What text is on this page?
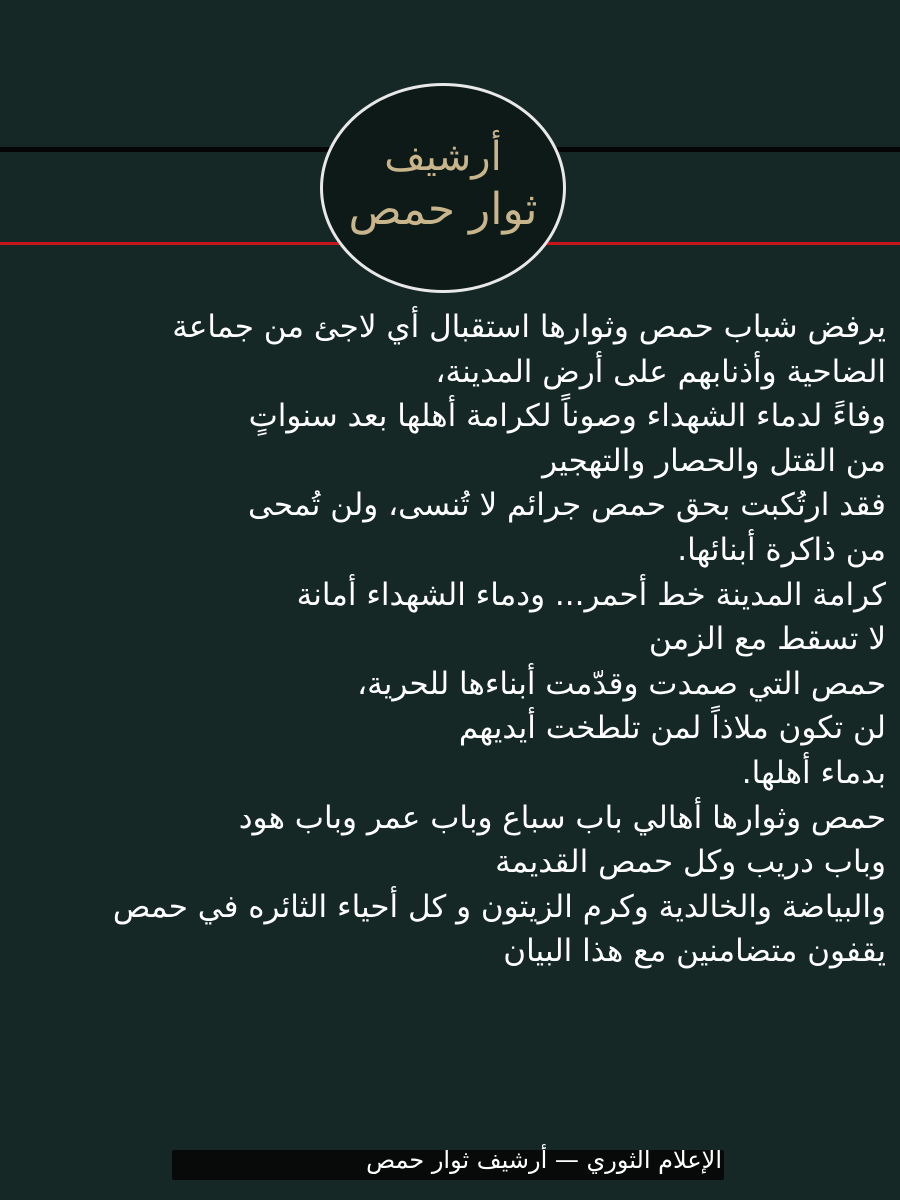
أرشيف
ثوار حمص
يرفض شباب حمص وثوارها استقبال أي لاجئ من جماعة
الضاحية وأذنابهم على أرض المدينة،
وفاءً لدماء الشهداء وصوناً لكرامة أهلها بعد سنواتٍ
من القتل والحصار والتهجير
فقد ارتُكبت بحق حمص جرائم لا تُنسى، ولن تُمحى
من ذاكرة أبنائها.
كرامة المدينة خط أحمر... ودماء الشهداء أمانة
لا تسقط مع الزمن
حمص التي صمدت وقدّمت أبناءها للحرية،
لن تكون ملاذاً لمن تلطخت أيديهم
بدماء أهلها.
حمص وثوارها أهالي باب سباع وباب عمر وباب هود
وباب دريب وكل حمص القديمة
والبياضة والخالدية وكرم الزيتون و كل أحياء الثائره في حمص
يقفون متضامنين مع هذا البيان
الإعلام الثوري — أرشيف ثوار حمص
